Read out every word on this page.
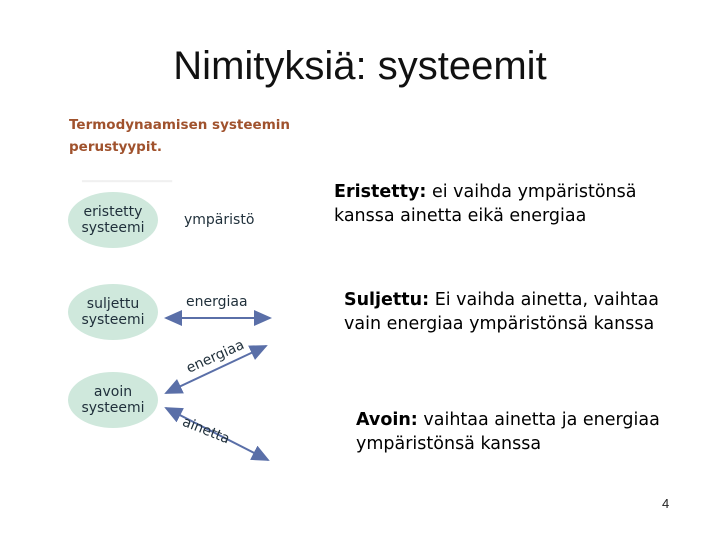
Nimityksiä: systeemit
Termodynaamisen systeemin perustyypit.
▁▁▁▁▁▁▁▁▁
eristetty systeemi	ympäristö
suljettu systeemi
energiaa
avoin systeemi
energiaa
ainetta
Eristetty: ei vaihda ympäristönsä kanssa ainetta eikä energiaa
Suljettu: Ei vaihda ainetta, vaihtaa vain energiaa ympäristönsä kanssa
Avoin: vaihtaa ainetta ja energiaa ympäristönsä kanssa
4
